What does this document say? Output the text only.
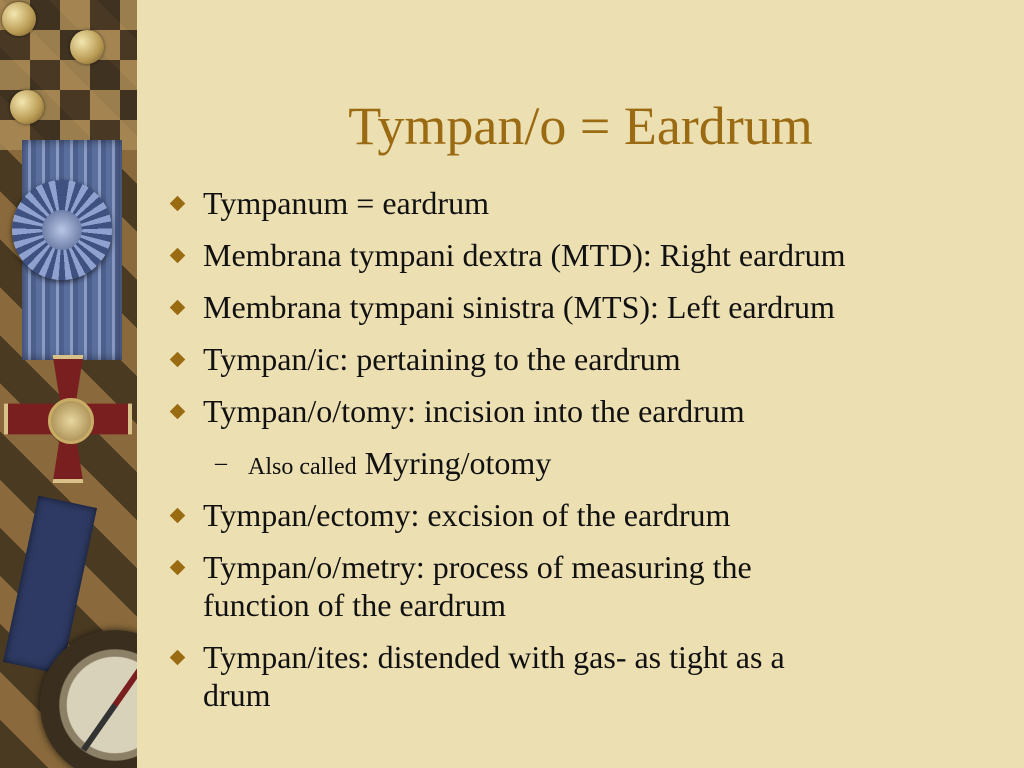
Tympan/o = Eardrum
Tympanum = eardrum
Membrana tympani dextra (MTD): Right eardrum
Membrana tympani sinistra (MTS): Left eardrum
Tympan/ic: pertaining to the eardrum
Tympan/o/tomy: incision into the eardrum
– Also called Myring/otomy
Tympan/ectomy: excision of the eardrum
Tympan/o/metry: process of measuring the
function of the eardrum
Tympan/ites: distended with gas- as tight as a
drum
